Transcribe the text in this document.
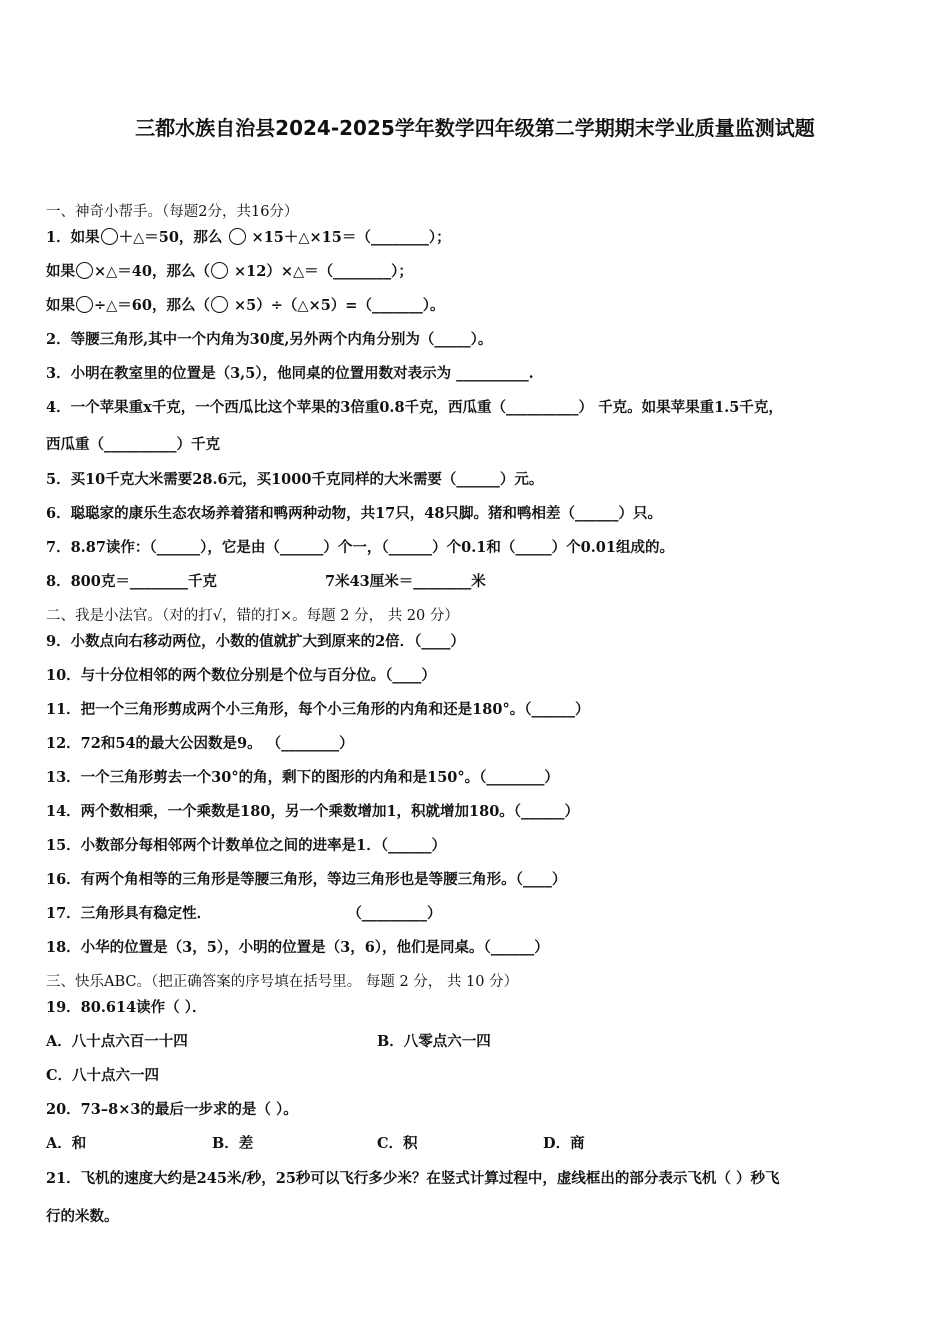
三都水族自治县2024-2025学年数学四年级第二学期期末学业质量监测试题
一、神奇小帮手。（每题2分，共16分）
1．如果 ＋△＝50，那么  ×15＋△×15＝（________）；
如果 ×△＝40，那么（ ×12）×△＝（________）；
如果 ÷△＝60，那么（ ×5）÷（△×5）=（_______）。
2．等腰三角形,其中一个内角为30度,另外两个内角分别为（_____）。
3．小明在教室里的位置是（3,5），他同桌的位置用数对表示为 __________.
4．一个苹果重x千克，一个西瓜比这个苹果的3倍重0.8千克，西瓜重（__________） 千克。如果苹果重1.5千克，
西瓜重（__________）千克
5．买10千克大米需要28.6元，买1000千克同样的大米需要（______）元。
6．聪聪家的康乐生态农场养着猪和鸭两种动物，共17只，48只脚。猪和鸭相差（______）只。
7．8.87读作：（______），它是由（______）个一，（______）个0.1和（_____）个0.01组成的。
8．800克＝________千克	7米43厘米＝________米
二、我是小法官。（对的打√，错的打×。每题 2 分， 共 20 分）
9．小数点向右移动两位，小数的值就扩大到原来的2倍．（____）
10．与十分位相邻的两个数位分别是个位与百分位。（____）
11．把一个三角形剪成两个小三角形，每个小三角形的内角和还是180°。（______）
12．72和54的最大公因数是9。 （________）
13．一个三角形剪去一个30°的角，剩下的图形的内角和是150°。（________）
14．两个数相乘，一个乘数是180，另一个乘数增加1，积就增加180。（______）
15．小数部分每相邻两个计数单位之间的进率是1．（______）
16．有两个角相等的三角形是等腰三角形，等边三角形也是等腰三角形。（____）
17．三角形具有稳定性．	（_________）
18．小华的位置是（3，5），小明的位置是（3，6），他们是同桌。（______）
三、快乐ABC。（把正确答案的序号填在括号里。 每题 2 分， 共 10 分）
19．80.614读作（ ）．
A．八十点六百一十四	B．八零点六一四
C．八十点六一四
20．73–8×3的最后一步求的是（ ）。
A．和	B．差	C．积	D．商
21．飞机的速度大约是245米/秒，25秒可以飞行多少米？在竖式计算过程中，虚线框出的部分表示飞机（ ）秒飞
行的米数。
